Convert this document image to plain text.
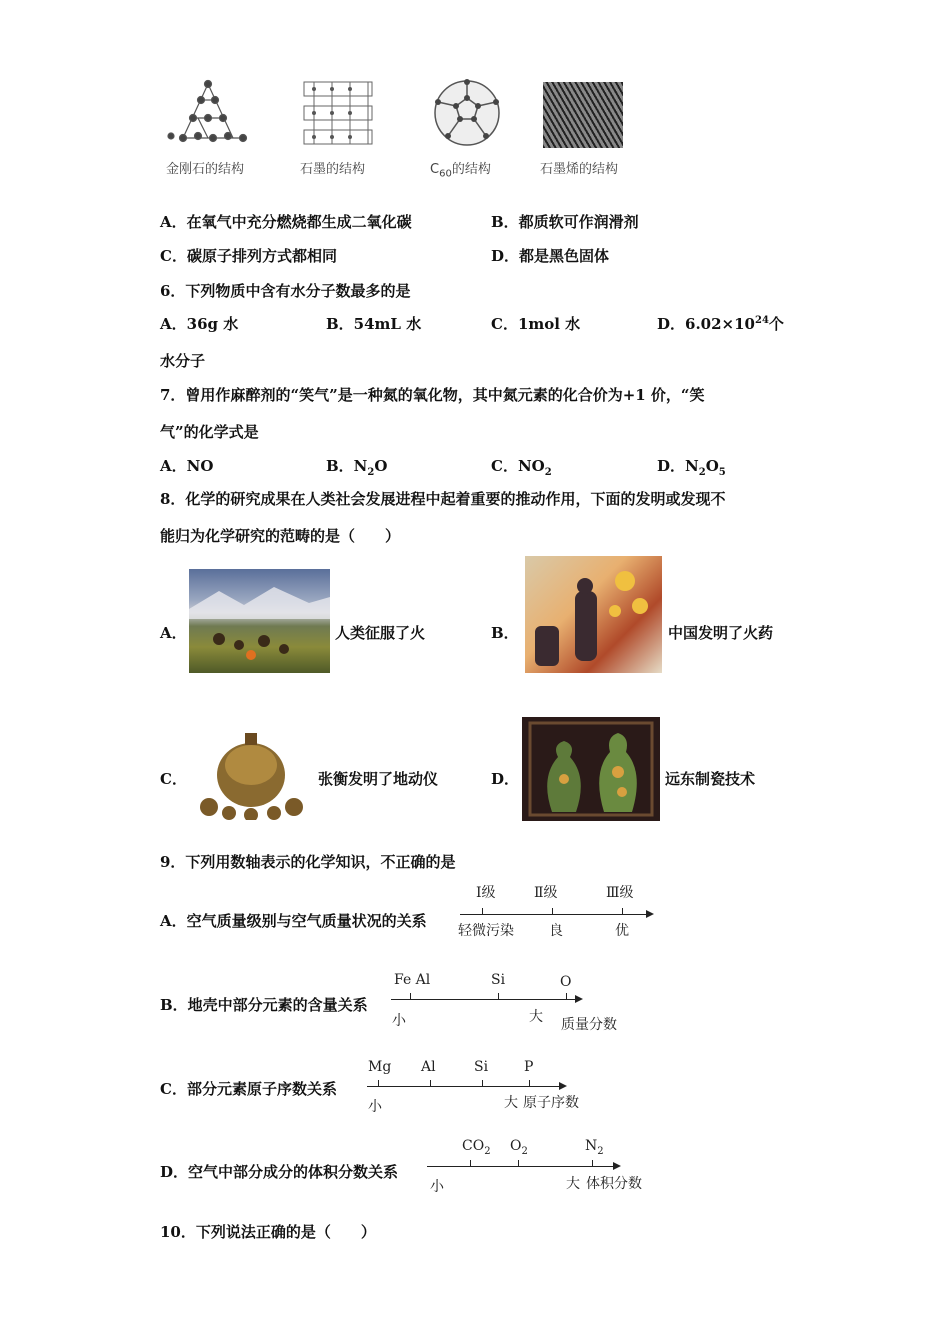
金刚石的结构	石墨的结构	$C_{60}$的结构	石墨烯的结构
A．在氧气中充分燃烧都生成二氧化碳	B．都质软可作润滑剂
C．碳原子排列方式都相同	D．都是黑色固体
6．下列物质中含有水分子数最多的是
A．36g 水	B．54mL 水	C．1mol 水	D．$6.02\times 10^{24}$个
水分子
7．曾用作麻醉剂的“笑气”是一种氮的氧化物，其中氮元素的化合价为+1 价，“笑
气”的化学式是
A．NO	B．$N_2O$	C．$NO_2$	D．$N_2O_5$
8．化学的研究成果在人类社会发展进程中起着重要的推动作用，下面的发明或发现不
能归为化学研究的范畴的是（　　）
A．	人类征服了火	B．	中国发明了火药
C．	张衡发明了地动仪	D．	远东制瓷技术
9．下列用数轴表示的化学知识，不正确的是
A．空气质量级别与空气质量状况的关系
Ⅰ级	Ⅱ级	Ⅲ级
轻微污染	良	优
B．地壳中部分元素的含量关系
Fe Al	Si	O
小	大 质量分数
C．部分元素原子序数关系
Mg Al	Si	P
小	大 原子序数
D．空气中部分成分的体积分数关系
$CO_2$ $O_2$	$N_2$
小	大 体积分数
10．下列说法正确的是（　　）
